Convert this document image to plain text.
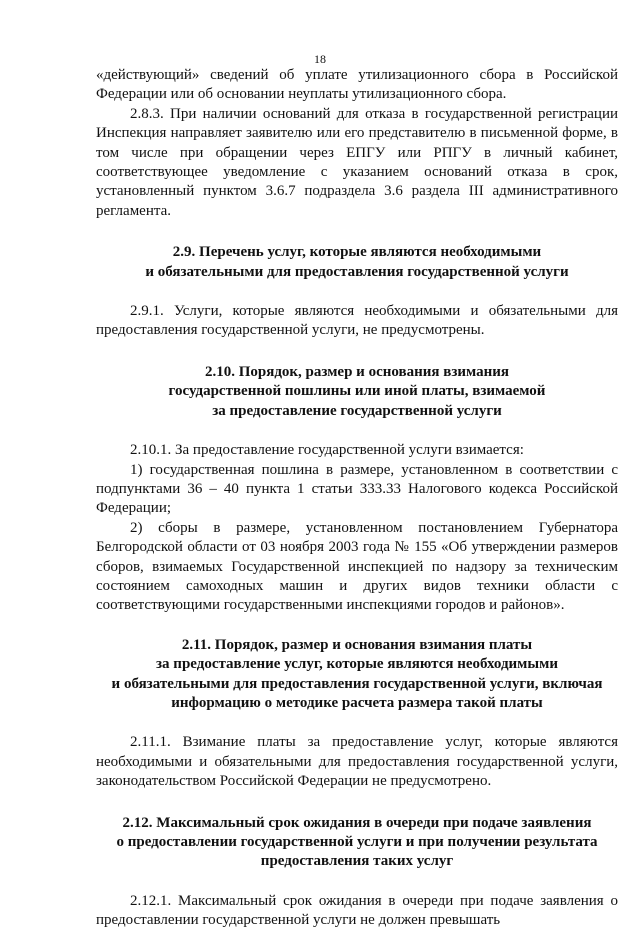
18

«действующий» сведений об уплате утилизационного сбора в Российской Федерации или об основании неуплаты утилизационного сбора.

2.8.3. При наличии оснований для отказа в государственной регистрации Инспекция направляет заявителю или его представителю в письменной форме, в том числе при обращении через ЕПГУ или РПГУ в личный кабинет, соответствующее уведомление с указанием оснований отказа в срок, установленный пунктом 3.6.7 подраздела 3.6 раздела III административного регламента.

2.9. Перечень услуг, которые являются необходимыми
и обязательными для предоставления государственной услуги

2.9.1. Услуги, которые являются необходимыми и обязательными для предоставления государственной услуги, не предусмотрены.

2.10. Порядок, размер и основания взимания
государственной пошлины или иной платы, взимаемой
за предоставление государственной услуги

2.10.1. За предоставление государственной услуги взимается:

1) государственная пошлина в размере, установленном в соответствии с подпунктами 36 – 40 пункта 1 статьи 333.33 Налогового кодекса Российской Федерации;

2) сборы в размере, установленном постановлением Губернатора Белгородской области от 03 ноября 2003 года № 155 «Об утверждении размеров сборов, взимаемых Государственной инспекцией по надзору за техническим состоянием самоходных машин и других видов техники области с соответствующими государственными инспекциями городов и районов».

2.11. Порядок, размер и основания взимания платы
за предоставление услуг, которые являются необходимыми
и обязательными для предоставления государственной услуги, включая
информацию о методике расчета размера такой платы

2.11.1. Взимание платы за предоставление услуг, которые являются необходимыми и обязательными для предоставления государственной услуги, законодательством Российской Федерации не предусмотрено.

2.12. Максимальный срок ожидания в очереди при подаче заявления
о предоставлении государственной услуги и при получении результата
предоставления таких услуг

2.12.1. Максимальный срок ожидания в очереди при подаче заявления о предоставлении государственной услуги не должен превышать
